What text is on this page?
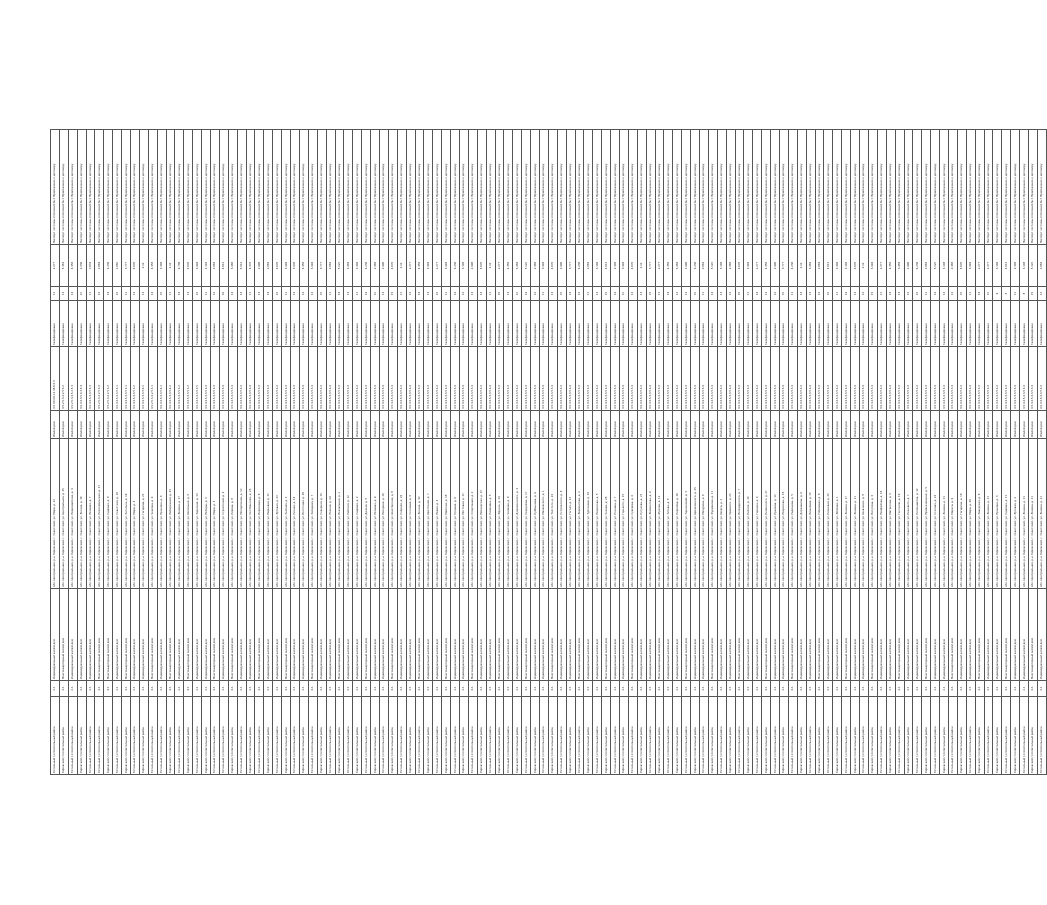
Котельный / отопительный район	2-1	Индивидуальный жилой дом	обл. Центральная, р-н. Кировский, г. Советский, ул. Мира, д. 12	Жилой дом	4.5.000001.2.35211.5	Газифицирован	11	2.277	Паспорт системы отопления № 0 Приложение к договору
Кировский / отопительный район	4-1	Многоквартирный жилой дом	обл. Центральная, р-н. Кировский, г. Советский, ул. Центральная, д. 35	Жилой дом	4.5.2.5.3.4.2.5.3.2	Газифицирован	13	5.363	Паспорт системы отопления № 0 Приложение к договору
Котельный / отопительный район	2-1	Индивидуальный жилой дом	обл. Центральная, р-н. Кировский, г. Советский, ул. Первомайская, д. 4	Жилой дом	4.5.2.5.3.4.5.2.5.3	Газифицирован	14	4.356	Паспорт системы отопления № 0 Приложение к договору
Кировский / отопительный район	2-1	Индивидуальный жилой дом	обл. Центральная, р-н. Кировский, г. Советский, ул. Лесная, д. 16	Жилой дом	4.5.4.4.3.5.4.3.5.4	Газифицирован	10	2.236	Паспорт системы отопления № 0 Приложение к договору
Котельный / отопительный район	2-1	Индивидуальный жилой дом	обл. Центральная, р-н. Кировский, г. Советский, ул. Полевая, д. 7	Жилой дом	4.5.4.4.5.4.3.5.3.3	Газифицирован	11	0.633	Паспорт системы отопления № 0 Приложение к договору
Котельный / отопительный район	4-1	Многоквартирный жилой дом	обл. Центральная, р-н. Кировский, г. Советский, ул. Комсомольская, д. 27	Жилой дом	4.5.2.5.3.4.2.5.3.4	Газифицирован	12	2.664	Паспорт системы отопления № 0 Приложение к договору
Кировский / отопительный район	4-1	Многоквартирный жилой дом	обл. Центральная, р-н. Кировский, г. Советский, ул. Садовая, д. 8	Жилой дом	4.5.2.5.3.4.2.5.3.2	Газифицирован	14	4.236	Паспорт системы отопления № 0 Приложение к договору
Котельный / отопительный район	2-1	Индивидуальный жилой дом	обл. Центральная, р-н. Кировский, г. Советский, ул. Советская, д. 18	Жилой дом	4.5.4.4.5.4.3.5.3.1	Газифицирован	15	2.660	Паспорт системы отопления № 0 Приложение к договору
Кировский / отопительный район	4-1	Многоквартирный жилой дом	обл. Центральная, р-н. Кировский, г. Советский, ул. Энгельса, д. 19	Жилой дом	4.5.4.4.5.4.3.5.3.1	Газифицирован	11	3.777	Паспорт системы отопления № 0 Приложение к договору
Котельный / отопительный район	2-1	Индивидуальный жилой дом	обл. Центральная, р-н. Кировский, г. Советский, ул. Мира, д. 4	Жилой дом	4.5.4.4.5.4.3.5.3.2	Газифицирован	13	4.605	Паспорт системы отопления № 0 Приложение к договору
Кировский / отопительный район	2-1	Индивидуальный жилой дом	обл. Центральная, р-н. Кировский, г. Советский, ул. Гагарина, д. 21	Жилой дом	4.5.4.4.5.4.3.5.4.0	Газифицирован	13	2.02	Паспорт системы отопления № 0 Приложение к договору
Котельный / отопительный район	4-1	Многоквартирный жилой дом	обл. Центральная, р-н. Кировский, г. Советский, ул. Чкалова, д. 9	Жилой дом	4.5.2.5.3.4.2.5.3.1	Газифицирован	14	4.358	Паспорт системы отопления № 0 Приложение к договору
Котельный / отопительный район	2-1	Индивидуальный жилой дом	обл. Центральная, р-н. Кировский, г. Советский, ул. Пушкина, д. 4	Жилой дом	4.5.4.4.5.4.3.5.4.1	Газифицирован	15	2.348	Паспорт системы отопления № 0 Приложение к договору
Кировский / отопительный район	4-1	Многоквартирный жилой дом	обл. Центральная, р-н. Кировский, г. Советский, ул. Набережная, д. 41	Жилой дом	4.5.4.4.5.4.3.5.4.2	Газифицирован	11	2.02	Паспорт системы отопления № 0 Приложение к договору
Котельный / отопительный район	2-1	Индивидуальный жилой дом	обл. Центральная, р-н. Кировский, г. Советский, ул. Ленина, д. 17	Жилой дом	4.5.4.4.5.4.3.5.3.2	Газифицирован	14	4.738	Паспорт системы отопления № 0 Приложение к договору
Кировский / отопительный район	4-1	Многоквартирный жилой дом	обл. Центральная, р-н. Кировский, г. Советский, ул. Школьная, д. 5	Жилой дом	4.5.4.4.5.4.3.5.3.2	Газифицирован	13	4.605	Паспорт системы отопления № 0 Приложение к договору
Котельный / отопительный район	2-1	Индивидуальный жилой дом	обл. Центральная, р-н. Кировский, г. Советский, ул. Заречная, д. 13	Жилой дом	4.5.4.4.5.4.3.5.3.5	Газифицирован	15	3.494	Паспорт системы отопления № 0 Приложение к договору
Кировский / отопительный район	2-1	Индивидуальный жилой дом	обл. Центральная, р-н. Кировский, г. Советский, ул. Победы, д. 3	Жилой дом	4.5.4.4.5.4.3.5.3.4	Газифицирован	11	2.144	Паспорт системы отопления № 0 Приложение к договору
Котельный / отопительный район	4-1	Многоквартирный жилой дом	обл. Центральная, р-н. Кировский, г. Советский, ул. Мира, д. 3	Жилой дом	4.5.4.4.5.4.3.5.3.4	Газифицирован	12	2.664	Паспорт системы отопления № 0 Приложение к договору
Котельный / отопительный район	2-1	Индивидуальный жилой дом	обл. Центральная, р-н. Кировский, г. Советский, ул. Строителей, д. 4	Жилой дом	4.5.4.4.5.4.3.5.3.4	Газифицирован	16	4.612	Паспорт системы отопления № 0 Приложение к договору
Кировский / отопительный район	4-1	Многоквартирный жилой дом	обл. Центральная, р-н. Кировский, г. Советский, ул. Кирова, д. 8	Жилой дом	4.5.4.4.5.4.3.5.3.4	Газифицирован	14	3.466	Паспорт системы отопления № 0 Приложение к договору
Котельный / отопительный район	2-1	Индивидуальный жилой дом	обл. Центральная, р-н. Кировский, г. Советский, ул. Молодёжная, д. 10	Жилой дом	4.5.4.4.5.4.3.5.3.4	Газифицирован	14	4.512	Паспорт системы отопления № 0 Приложение к договору
Кировский / отопительный район	2-1	Индивидуальный жилой дом	обл. Центральная, р-н. Кировский, г. Советский, ул. Октябрьская, д. 23	Жилой дом	4.5.4.4.5.4.3.5.3.4	Газифицирован	11	4.476	Паспорт системы отопления № 0 Приложение к договору
Котельный / отопительный район	4-1	Многоквартирный жилой дом	обл. Центральная, р-н. Кировский, г. Советский, ул. Берёзовая, д. 6	Жилой дом	4.5.4.4.5.4.3.5.3.4	Газифицирован	13	2.996	Паспорт системы отопления № 0 Приложение к договору
Кировский / отопительный район	2-1	Индивидуальный жилой дом	обл. Центральная, р-н. Кировский, г. Советский, ул. Парковая, д. 11	Жилой дом	4.5.4.4.5.4.3.5.3.4	Газифицирован	14	2.664	Паспорт системы отопления № 0 Приложение к договору
Котельный / отопительный район	2-1	Индивидуальный жилой дом	обл. Центральная, р-н. Кировский, г. Советский, ул. Луговая, д. 20	Жилой дом	4.5.4.4.5.4.3.5.3.4	Газифицирован	15	4.605	Паспорт системы отопления № 0 Приложение к договору
Кировский / отопительный район	4-1	Многоквартирный жилой дом	обл. Центральная, р-н. Кировский, г. Советский, ул. Зелёная, д. 2	Жилой дом	4.5.4.4.5.4.3.5.3.4	Газифицирован	11	3.499	Паспорт системы отопления № 0 Приложение к договору
Котельный / отопительный район	2-1	Индивидуальный жилой дом	обл. Центральная, р-н. Кировский, г. Советский, ул. Речная, д. 14	Жилой дом	4.5.4.4.5.4.3.5.3.4	Газифицирован	13	3.906	Паспорт системы отопления № 0 Приложение к договору
Кировский / отопительный район	2-1	Индивидуальный жилой дом	обл. Центральная, р-н. Кировский, г. Советский, ул. Восточная, д. 26	Жилой дом	4.5.4.4.5.4.3.5.3.4	Газифицирован	14	4.356	Паспорт системы отопления № 0 Приложение к договору
Котельный / отопительный район	4-1	Многоквартирный жилой дом	обл. Центральная, р-н. Кировский, г. Советский, ул. Западная, д. 7	Жилой дом	4.5.4.4.5.4.3.5.3.4	Газифицирован	12	3.494	Паспорт системы отопления № 0 Приложение к договору
Кировский / отопительный район	2-1	Индивидуальный жилой дом	обл. Центральная, р-н. Кировский, г. Советский, ул. Северная, д. 15	Жилой дом	4.5.4.4.5.4.3.5.3.4	Газифицирован	15	3.777	Паспорт системы отопления № 0 Приложение к договору
Котельный / отопительный район	2-1	Индивидуальный жилой дом	обл. Центральная, р-н. Кировский, г. Советский, ул. Южная, д. 29	Жилой дом	4.5.4.4.5.4.3.5.3.4	Газифицирован	11	2.664	Паспорт системы отопления № 0 Приложение к договору
Кировский / отопительный район	4-1	Многоквартирный жилой дом	обл. Центральная, р-н. Кировский, г. Советский, ул. Вокзальная, д. 1	Жилой дом	4.5.4.4.5.4.3.5.3.4	Газифицирован	14	5.020	Паспорт системы отопления № 0 Приложение к договору
Котельный / отопительный район	2-1	Индивидуальный жилой дом	обл. Центральная, р-н. Кировский, г. Советский, ул. Рабочая, д. 12	Жилой дом	4.5.4.4.5.4.3.5.3.4	Газифицирован	13	3.484	Паспорт системы отопления № 0 Приложение к договору
Кировский / отопительный район	2-1	Индивидуальный жилой дом	обл. Центральная, р-н. Кировский, г. Советский, ул. Садовая, д. 2	Жилой дом	4.5.4.4.5.4.3.5.3.4	Газифицирован	11	2.348	Паспорт системы отопления № 0 Приложение к договору
Котельный / отопительный район	4-1	Многоквартирный жилой дом	обл. Центральная, р-н. Кировский, г. Советский, ул. Дачная, д. 5	Жилой дом	4.5.4.4.5.4.3.5.3.4	Газифицирован	14	4.236	Паспорт системы отопления № 0 Приложение к договору
Кировский / отопительный район	2-1	Индивидуальный жилой дом	обл. Центральная, р-н. Кировский, г. Советский, ул. Полевая, д. 9	Жилой дом	4.5.4.4.5.4.3.5.3.4	Газифицирован	10	2.468	Паспорт системы отопления № 0 Приложение к договору
Котельный / отопительный район	2-1	Индивидуальный жилой дом	обл. Центральная, р-н. Кировский, г. Советский, ул. Нагорная, д. 16	Жилой дом	4.5.4.4.5.4.3.5.3.4	Газифицирован	13	2.996	Паспорт системы отопления № 0 Приложение к договору
Кировский / отопительный район	4-1	Многоквартирный жилой дом	обл. Центральная, р-н. Кировский, г. Советский, ул. Шахтёрская, д. 8	Жилой дом	4.5.4.4.5.4.3.5.3.4	Газифицирован	15	4.605	Паспорт системы отопления № 0 Приложение к договору
Котельный / отопительный район	2-1	Индивидуальный жилой дом	обл. Центральная, р-н. Кировский, г. Советский, ул. Озёрная, д. 22	Жилой дом	4.5.4.4.5.4.3.5.3.4	Газифицирован	11	2.02	Паспорт системы отопления № 0 Приложение к договору
Кировский / отопительный район	2-1	Индивидуальный жилой дом	обл. Центральная, р-н. Кировский, г. Советский, ул. Сосновая, д. 4	Жилой дом	4.5.4.4.5.4.3.5.3.4	Газифицирован	12	2.277	Паспорт системы отопления № 0 Приложение к договору
Котельный / отопительный район	4-1	Многоквартирный жилой дом	обл. Центральная, р-н. Кировский, г. Советский, ул. Лесная, д. 30	Жилой дом	4.5.4.4.5.4.3.5.3.4	Газифицирован	14	4.356	Паспорт системы отопления № 0 Приложение к договору
Кировский / отопительный район	2-1	Индивидуальный жилой дом	обл. Центральная, р-н. Кировский, г. Советский, ул. Цветочная, д. 7	Жилой дом	4.5.4.4.5.4.3.5.3.4	Газифицирован	13	3.494	Паспорт системы отопления № 0 Приложение к договору
Котельный / отопительный район	2-1	Индивидуальный жилой дом	обл. Центральная, р-н. Кировский, г. Советский, ул. Новая, д. 3	Жилой дом	4.5.4.4.5.4.3.5.3.4	Газифицирован	15	2.277	Паспорт системы отопления № 0 Приложение к договору
Кировский / отопительный район	4-1	Многоквартирный жилой дом	обл. Центральная, р-н. Кировский, г. Советский, ул. Майская, д. 18	Жилой дом	4.5.4.4.5.4.3.5.3.4	Газифицирован	11	3.494	Паспорт системы отопления № 0 Приложение к договору
Котельный / отопительный район	2-1	Индивидуальный жилой дом	обл. Центральная, р-н. Кировский, г. Советский, ул. Угловая, д. 6	Жилой дом	4.5.4.4.5.4.3.5.3.4	Газифицирован	14	4.236	Паспорт системы отопления № 0 Приложение к договору
Кировский / отопительный район	2-1	Индивидуальный жилой дом	обл. Центральная, р-н. Кировский, г. Советский, ул. Мостовая, д. 11	Жилой дом	4.5.4.4.5.4.3.5.3.4	Газифицирован	12	3.148	Паспорт системы отопления № 0 Приложение к договору
Котельный / отопительный район	4-1	Многоквартирный жилой дом	обл. Центральная, р-н. Кировский, г. Советский, ул. Спортивная, д. 2	Жилой дом	4.5.4.4.5.4.3.5.3.4	Газифицирован	13	2.996	Паспорт системы отопления № 0 Приложение к договору
Кировский / отопительный район	2-1	Индивидуальный жилой дом	обл. Центральная, р-н. Кировский, г. Советский, ул. Пионерская, д. 10	Жилой дом	4.5.4.4.5.4.3.5.3.4	Газифицирован	14	4.605	Паспорт системы отопления № 0 Приложение к договору
Котельный / отопительный район	2-1	Индивидуальный жилой дом	обл. Центральная, р-н. Кировский, г. Советский, ул. Калинина, д. 5	Жилой дом	4.5.4.4.5.4.3.5.3.4	Газифицирован	11	2.02	Паспорт системы отопления № 0 Приложение к договору
Кировский / отопительный район	4-1	Многоквартирный жилой дом	обл. Центральная, р-н. Кировский, г. Советский, ул. Фрунзе, д. 14	Жилой дом	4.5.4.4.5.4.3.5.3.4	Газифицирован	15	2.277	Паспорт системы отопления № 0 Приложение к договору
Котельный / отопительный район	2-1	Индивидуальный жилой дом	обл. Центральная, р-н. Кировский, г. Советский, ул. Чапаева, д. 8	Жилой дом	4.5.4.4.5.4.3.5.3.4	Газифицирован	13	4.356	Паспорт системы отопления № 0 Приложение к договору
Кировский / отопительный район	2-1	Индивидуальный жилой дом	обл. Центральная, р-н. Кировский, г. Советский, ул. Дзержинского, д. 3	Жилой дом	4.5.4.4.5.4.3.5.3.4	Газифицирован	10	3.484	Паспорт системы отопления № 0 Приложение к договору
Котельный / отопительный район	4-1	Многоквартирный жилой дом	обл. Центральная, р-н. Кировский, г. Советский, ул. Свердлова, д. 17	Жилой дом	4.5.4.4.5.4.3.5.3.4	Газифицирован	14	5.020	Паспорт системы отопления № 0 Приложение к договору
Кировский / отопительный район	2-1	Индивидуальный жилой дом	обл. Центральная, р-н. Кировский, г. Советский, ул. Куйбышева, д. 9	Жилой дом	4.5.4.4.5.4.3.5.3.4	Газифицирован	12	2.468	Паспорт системы отопления № 0 Приложение к договору
Котельный / отопительный район	2-1	Индивидуальный жилой дом	обл. Центральная, р-н. Кировский, г. Советский, ул. Маяковского, д. 1	Жилой дом	4.5.4.4.5.4.3.5.3.4	Газифицирован	11	3.494	Паспорт системы отопления № 0 Приложение к договору
Кировский / отопительный район	4-1	Многоквартирный жилой дом	обл. Центральная, р-н. Кировский, г. Советский, ул. Толстого, д. 24	Жилой дом	4.5.4.4.5.4.3.5.3.4	Газифицирован	13	4.605	Паспорт системы отопления № 0 Приложение к договору
Котельный / отопительный район	2-1	Индивидуальный жилой дом	обл. Центральная, р-н. Кировский, г. Советский, ул. Островского, д. 6	Жилой дом	4.5.4.4.5.4.3.5.3.4	Газифицирован	15	2.996	Паспорт системы отопления № 0 Приложение к договору
Кировский / отопительный район	2-1	Индивидуальный жилой дом	обл. Центральная, р-н. Кировский, г. Советский, ул. Гоголя, д. 13	Жилой дом	4.5.4.4.5.4.3.5.3.4	Газифицирован	14	3.777	Паспорт системы отопления № 0 Приложение к договору
Котельный / отопительный район	4-1	Многоквартирный жилой дом	обл. Центральная, р-н. Кировский, г. Советский, ул. Лермонтова, д. 2	Жилой дом	4.5.4.4.5.4.3.5.3.4	Газифицирован	12	4.236	Паспорт системы отопления № 0 Приложение к договору
Кировский / отопительный район	2-1	Индивидуальный жилой дом	обл. Центральная, р-н. Кировский, г. Советский, ул. Тургенева, д. 19	Жилой дом	4.5.4.4.5.4.3.5.3.4	Газифицирован	11	2.664	Паспорт системы отопления № 0 Приложение к договору
Котельный / отопительный район	2-1	Индивидуальный жилой дом	обл. Центральная, р-н. Кировский, г. Советский, ул. Некрасова, д. 5	Жилой дом	4.5.4.4.5.4.3.5.3.4	Газифицирован	13	3.148	Паспорт системы отопления № 0 Приложение к договору
Кировский / отопительный район	4-1	Многоквартирный жилой дом	обл. Центральная, р-н. Кировский, г. Советский, ул. Чехова, д. 28	Жилой дом	4.5.4.4.5.4.3.5.3.4	Газифицирован	15	4.612	Паспорт системы отопления № 0 Приложение к договору
Котельный / отопительный район	2-1	Индивидуальный жилой дом	обл. Центральная, р-н. Кировский, г. Советский, ул. Есенина, д. 7	Жилой дом	4.5.4.4.5.4.3.5.3.4	Газифицирован	14	2.348	Паспорт системы отопления № 0 Приложение к договору
Кировский / отопительный район	2-1	Индивидуальный жилой дом	обл. Центральная, р-н. Кировский, г. Советский, ул. Горького, д. 15	Жилой дом	4.5.4.4.5.4.3.5.3.4	Газифицирован	10	3.494	Паспорт системы отопления № 0 Приложение к договору
Котельный / отопительный район	4-1	Многоквартирный жилой дом	обл. Центральная, р-н. Кировский, г. Советский, ул. Суворова, д. 4	Жилой дом	4.5.4.4.5.4.3.5.3.4	Газифицирован	12	4.605	Паспорт системы отопления № 0 Приложение к договору
Кировский / отопительный район	2-1	Индивидуальный жилой дом	обл. Центральная, р-н. Кировский, г. Советский, ул. Кутузова, д. 21	Жилой дом	4.5.4.4.5.4.3.5.3.4	Газифицирован	13	2.02	Паспорт системы отопления № 0 Приложение к договору
Котельный / отопительный район	2-1	Индивидуальный жилой дом	обл. Центральная, р-н. Кировский, г. Советский, ул. Ломоносова, д. 9	Жилой дом	4.5.4.4.5.4.3.5.3.4	Газифицирован	15	3.777	Паспорт системы отопления № 0 Приложение к договору
Кировский / отопительный район	4-1	Многоквартирный жилой дом	обл. Центральная, р-н. Кировский, г. Советский, ул. Жукова, д. 12	Жилой дом	4.5.4.4.5.4.3.5.3.4	Газифицирован	11	2.277	Паспорт системы отопления № 0 Приложение к договору
Котельный / отопительный район	2-1	Индивидуальный жилой дом	обл. Центральная, р-н. Кировский, г. Советский, ул. Титова, д. 8	Жилой дом	4.5.4.4.5.4.3.5.3.4	Газифицирован	14	4.356	Паспорт системы отопления № 0 Приложение к договору
Кировский / отопительный район	2-1	Индивидуальный жилой дом	обл. Центральная, р-н. Кировский, г. Советский, ул. Королёва, д. 16	Жилой дом	4.5.4.4.5.4.3.5.3.4	Газифицирован	12	3.484	Паспорт системы отопления № 0 Приложение к договору
Котельный / отопительный район	4-1	Многоквартирный жилой дом	обл. Центральная, р-н. Кировский, г. Советский, ул. Терешковой, д. 3	Жилой дом	4.5.4.4.5.4.3.5.3.4	Газифицирован	13	2.996	Паспорт системы отопления № 0 Приложение к договору
Кировский / отопительный район	2-1	Индивидуальный жилой дом	обл. Центральная, р-н. Кировский, г. Советский, ул. Циолковского, д. 25	Жилой дом	4.5.4.4.5.4.3.5.3.4	Газифицирован	15	4.236	Паспорт системы отопления № 0 Приложение к договору
Котельный / отопительный район	2-1	Индивидуальный жилой дом	обл. Центральная, р-н. Кировский, г. Советский, ул. Мичурина, д. 6	Жилой дом	4.5.4.4.5.4.3.5.3.4	Газифицирован	11	2.664	Паспорт системы отопления № 0 Приложение к договору
Кировский / отопительный район	4-1	Многоквартирный жилой дом	обл. Центральная, р-н. Кировский, г. Советский, ул. Фурманова, д. 11	Жилой дом	4.5.4.4.5.4.3.5.3.4	Газифицирован	14	5.020	Паспорт системы отопления № 0 Приложение к договору
Котельный / отопительный район	2-1	Индивидуальный жилой дом	обл. Центральная, р-н. Кировский, г. Советский, ул. Щорса, д. 2	Жилой дом	4.5.4.4.5.4.3.5.3.4	Газифицирован	13	3.148	Паспорт системы отопления № 0 Приложение к договору
Кировский / отопительный район	2-1	Индивидуальный жилой дом	обл. Центральная, р-н. Кировский, г. Советский, ул. Урицкого, д. 20	Жилой дом	4.5.4.4.5.4.3.5.3.4	Газифицирован	12	2.468	Паспорт системы отопления № 0 Приложение к договору
Котельный / отопительный район	4-1	Многоквартирный жилой дом	обл. Центральная, р-н. Кировский, г. Советский, ул. Володарского, д. 7	Жилой дом	4.5.4.4.5.4.3.5.3.4	Газифицирован	15	4.605	Паспорт системы отопления № 0 Приложение к договору
Кировский / отопительный район	2-1	Индивидуальный жилой дом	обл. Центральная, р-н. Кировский, г. Советский, ул. Бебеля, д. 14	Жилой дом	4.5.4.4.5.4.3.5.3.4	Газифицирован	11	3.494	Паспорт системы отопления № 0 Приложение к договору
Котельный / отопительный район	2-1	Индивидуальный жилой дом	обл. Центральная, р-н. Кировский, г. Советский, ул. Герцена, д. 4	Жилой дом	4.5.4.4.5.4.3.5.3.4	Газифицирован	14	2.277	Паспорт системы отопления № 0 Приложение к договору
Кировский / отопительный район	4-1	Многоквартирный жилой дом	обл. Центральная, р-н. Кировский, г. Советский, ул. Белинского, д. 27	Жилой дом	4.5.4.4.5.4.3.5.3.4	Газифицирован	13	4.356	Паспорт системы отопления № 0 Приложение к договору
Котельный / отопительный район	2-1	Индивидуальный жилой дом	обл. Центральная, р-н. Кировский, г. Советский, ул. Крылова, д. 10	Жилой дом	4.5.4.4.5.4.3.5.3.4	Газифицирован	12	2.996	Паспорт системы отопления № 0 Приложение к договору
Кировский / отопительный район	2-1	Индивидуальный жилой дом	обл. Центральная, р-н. Кировский, г. Советский, ул. Некрасова, д. 18	Жилой дом	4.5.4.4.5.4.3.5.3.4	Газифицирован	15	3.777	Паспорт системы отопления № 0 Приложение к договору
Котельный / отопительный район	4-1	Многоквартирный жилой дом	обл. Центральная, р-н. Кировский, г. Советский, ул. Радищева, д. 5	Жилой дом	4.5.4.4.5.4.3.5.3.4	Газифицирован	11	4.236	Паспорт системы отопления № 0 Приложение к договору
Кировский / отопительный район	2-1	Индивидуальный жилой дом	обл. Центральная, р-н. Кировский, г. Советский, ул. Державина, д. 9	Жилой дом	4.5.4.4.5.4.3.5.3.4	Газифицирован	14	2.02	Паспорт системы отопления № 0 Приложение к договору
Котельный / отопительный район	2-1	Индивидуальный жилой дом	обл. Центральная, р-н. Кировский, г. Советский, ул. Вишнёвая, д. 13	Жилой дом	4.5.4.4.5.4.3.5.3.4	Газифицирован	13	3.484	Паспорт системы отопления № 0 Приложение к договору
Кировский / отопительный район	4-1	Многоквартирный жилой дом	обл. Центральная, р-н. Кировский, г. Советский, ул. Рябиновая, д. 6	Жилой дом	4.5.4.4.5.4.3.5.3.4	Газифицирован	12	2.664	Паспорт системы отопления № 0 Приложение к договору
Котельный / отопительный район	2-1	Индивидуальный жилой дом	обл. Центральная, р-н. Кировский, г. Советский, ул. Кленовая, д. 22	Жилой дом	4.5.4.4.5.4.3.5.3.4	Газифицирован	15	4.612	Паспорт системы отопления № 0 Приложение к договору
Кировский / отопительный район	2-1	Индивидуальный жилой дом	обл. Центральная, р-н. Кировский, г. Советский, ул. Липовая, д. 1	Жилой дом	4.5.4.4.5.4.3.5.3.4	Газифицирован	11	2.348	Паспорт системы отопления № 0 Приложение к договору
Котельный / отопительный район	4-1	Многоквартирный жилой дом	обл. Центральная, р-н. Кировский, г. Советский, ул. Ленина, д. 17	Жилой дом	4.5.4.4.5.4.3.5.3.4	Газифицирован	14	3.148	Паспорт системы отопления № 0 Приложение к договору
Кировский / отопительный район	2-1	Индивидуальный жилой дом	обл. Центральная, р-н. Кировский, г. Советский, ул. Ленина, д. 11	Жилой дом	4.5.4.4.5.4.3.5.3.4	Газифицирован	13	4.605	Паспорт системы отопления № 0 Приложение к договору
Котельный / отопительный район	2-1	Индивидуальный жилой дом	обл. Центральная, р-н. Кировский, г. Советский, ул. Шевченко, д. 8	Жилой дом	4.5.4.4.5.4.3.5.3.4	Газифицирован	12	2.02	Паспорт системы отопления № 0 Приложение к договору
Кировский / отопительный район	4-1	Многоквартирный жилой дом	обл. Центральная, р-н. Кировский, г. Советский, ул. Ватутина, д. 3	Жилой дом	4.5.4.4.5.4.3.5.3.4	Газифицирован	15	3.494	Паспорт системы отопления № 0 Приложение к договору
Котельный / отопительный район	2-1	Индивидуальный жилой дом	обл. Центральная, р-н. Кировский, г. Советский, ул. Панфилова, д. 16	Жилой дом	4.5.4.4.5.4.3.5.3.4	Газифицирован	11	2.277	Паспорт системы отопления № 0 Приложение к договору
Кировский / отопительный район	2-1	Индивидуальный жилой дом	обл. Центральная, р-н. Кировский, г. Советский, ул. Матросова, д. 4	Жилой дом	4.5.4.4.5.4.3.5.3.4	Газифицирован	14	4.356	Паспорт системы отопления № 0 Приложение к договору
Котельный / отопительный район	4-1	Многоквартирный жилой дом	обл. Центральная, р-н. Кировский, г. Советский, ул. Гастелло, д. 19	Жилой дом	4.5.4.4.5.4.3.5.3.4	Газифицирован	13	3.484	Паспорт системы отопления № 0 Приложение к договору
Кировский / отопительный район	2-1	Индивидуальный жилой дом	обл. Центральная, р-н. Кировский, г. Советский, ул. Кошевого, д. 7	Жилой дом	4.5.4.4.5.4.3.5.3.4	Газифицирован	12	2.996	Паспорт системы отопления № 0 Приложение к договору
Котельный / отопительный район	2-1	Индивидуальный жилой дом	обл. Центральная, р-н. Кировский, г. Советский, ул. Космонавтов, д. 12	Жилой дом	4.5.4.4.5.4.3.5.3.4	Газифицирован	15	4.236	Паспорт системы отопления № 0 Приложение к договору
Кировский / отопительный район	4-1	Многоквартирный жилой дом	обл. Центральная, р-н. Кировский, г. Советский, ул. Привокзальная, д. 5	Жилой дом	4.5.4.4.5.4.3.5.3.4	Газифицирован	11	2.664	Паспорт системы отопления № 0 Приложение к договору
Котельный / отопительный район	2-1	Индивидуальный жилой дом	обл. Центральная, р-н. Кировский, г. Советский, ул. Степная, д. 23	Жилой дом	4.5.4.4.5.4.3.5.3.4	Газифицирован	14	5.020	Паспорт системы отопления № 0 Приложение к договору
Кировский / отопительный район	2-1	Индивидуальный жилой дом	обл. Центральная, р-н. Кировский, г. Советский, ул. Ленина, д. 11	Жилой дом	4.5.4.4.5.4.3.5.3.4	Газифицирован	13	3.148	Паспорт системы отопления № 0 Приложение к договору
Котельный / отопительный район	4-1	Многоквартирный жилой дом	обл. Центральная, р-н. Кировский, г. Советский, ул. Маркса, д. 9	Жилой дом	4.5.4.4.5.4.3.5.3.4	Газифицирован	12	2.468	Паспорт системы отопления № 0 Приложение к договору
Кировский / отопительный район	2-1	Индивидуальный жилой дом	обл. Центральная, р-н. Кировский, г. Советский, ул. Гагарина, д. 18	Жилой дом	4.5.4.4.5.4.3.5.3.4	Газифицирован	15	4.605	Паспорт системы отопления № 0 Приложение к договору
Котельный / отопительный район	2-1	Индивидуальный жилой дом	обл. Центральная, р-н. Кировский, г. Советский, ул. Мира, д. 26	Жилой дом	4.5.4.4.5.4.3.5.3.4	Газифицирован	11	3.494	Паспорт системы отопления № 0 Приложение к договору
Кировский / отопительный район	4-1	Многоквартирный жилой дом	обл. Центральная, р-н. Кировский, г. Советский, ул. Заводская, д. 6	Жилой дом	4.5.4.4.5.4.3.5.3.4	Газифицирован	14	2.277	Паспорт системы отопления № 0 Приложение к договору
Котельный / отопительный район	2-1	Индивидуальный жилой дом	обл. Центральная, р-н. Кировский, г. Советский, ул. Ленина, д. 11	Жилой дом	4.5.4.4.5.4.3.5.3.4	Газифицирован	10	2.277	Паспорт системы отопления № 0 Приложение к договору
Кировский / отопительный район	2-1	Индивидуальный жилой дом	обл. Центральная, р-н. Кировский, г. Советский, ул. Пушкина, д. 3	Жилой дом	4.5.4.4.5.4.3.5.3.4	Газифицирован	9	3.148	Паспорт системы отопления № 0 Приложение к договору
Котельный / отопительный район	4-1	Многоквартирный жилой дом	обл. Центральная, р-н. Кировский, г. Советский, ул. Садовая, д. 11	Жилой дом	4.5.4.4.5.4.3.5.3.4	Газифицирован	8	4.612	Паспорт системы отопления № 0 Приложение к договору
Кировский / отопительный район	2-1	Индивидуальный жилой дом	обл. Центральная, р-н. Кировский, г. Советский, ул. Луговая, д. 2	Жилой дом	4.5.4.4.5.4.3.5.3.4	Газифицирован	11	2.348	Паспорт системы отопления № 0 Приложение к договору
Котельный / отопительный район	2-1	Индивидуальный жилой дом	обл. Центральная, р-н. Кировский, г. Советский, ул. Ленина, д. 11	Жилой дом	4.5.4.4.5.4.3.5.3.4	Газифицирован	8	3.148	Паспорт системы отопления № 0 Приложение к договору
Кировский / отопительный район	4-1	Многоквартирный жилой дом	обл. Центральная, р-н. Кировский, г. Советский, ул. Ленина, д. 11	Жилой дом	4.5.4.4.5.4.3.5.3.4	Газифицирован	15	5.020	Паспорт системы отопления № 0 Приложение к договору
Котельный / отопительный район	2-1	Индивидуальный жилой дом	обл. Центральная, р-н. Кировский, г. Советский, ул. Ленина, д. 11	Жилой дом	4.5.4.4.5.4.3.5.3.4	Газифицирован	12	2.664	Паспорт системы отопления № 0 Приложение к договору
